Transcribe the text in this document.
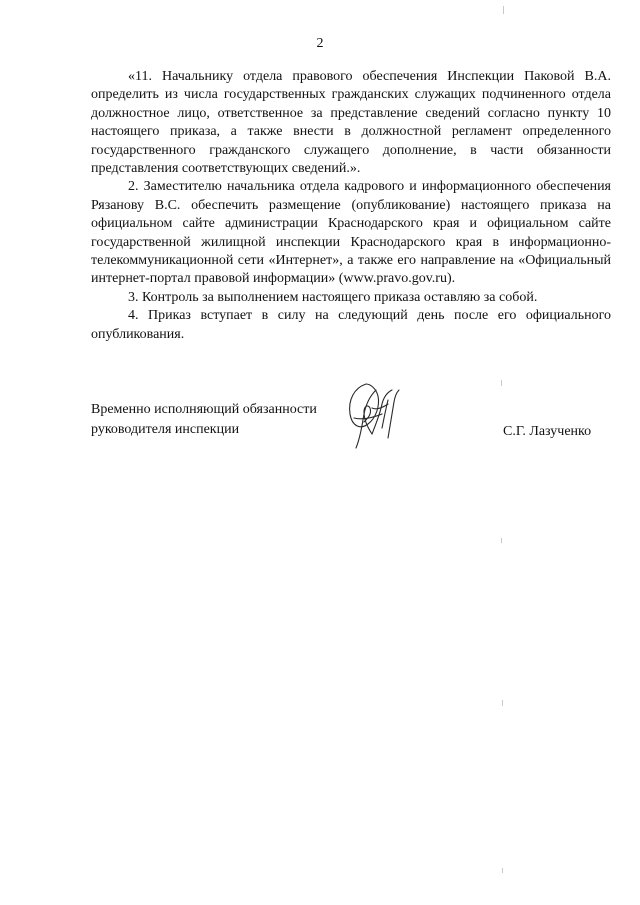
2

«11. Начальнику отдела правового обеспечения Инспекции Паковой В.А. определить из числа государственных гражданских служащих подчиненного отдела должностное лицо, ответственное за представление сведений согласно пункту 10 настоящего приказа, а также внести в должностной регламент определенного государственного гражданского служащего дополнение, в части обязанности представления соответствующих сведений.».

2. Заместителю начальника отдела кадрового и информационного обеспечения Рязанову В.С. обеспечить размещение (опубликование) настоящего приказа на официальном сайте администрации Краснодарского края и официальном сайте государственной жилищной инспекции Краснодарского края в информационно-телекоммуникационной сети «Интернет», а также его направление на «Официальный интернет-портал правовой информации» (www.pravo.gov.ru).

3. Контроль за выполнением настоящего приказа оставляю за собой.

4. Приказ вступает в силу на следующий день после его официального опубликования.

Временно исполняющий обязанности
руководителя инспекции	С.Г. Лазученко
